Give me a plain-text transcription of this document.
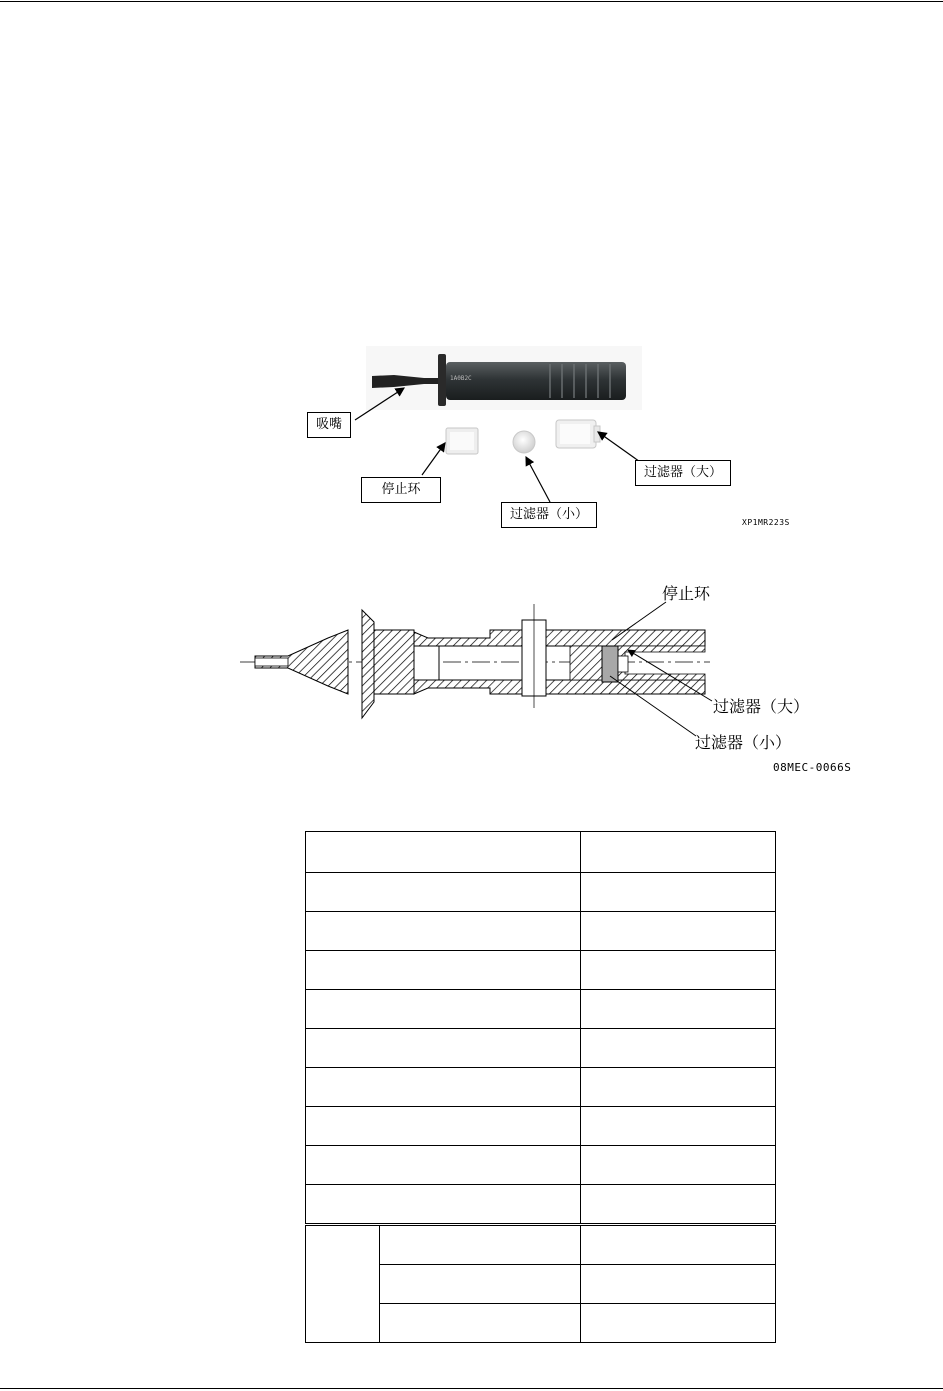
1A0B2C
吸嘴
停止环
过滤器（小）
过滤器（大）
XP1MR223S
停止环
过滤器（大）
过滤器（小）
08MEC-0066S
